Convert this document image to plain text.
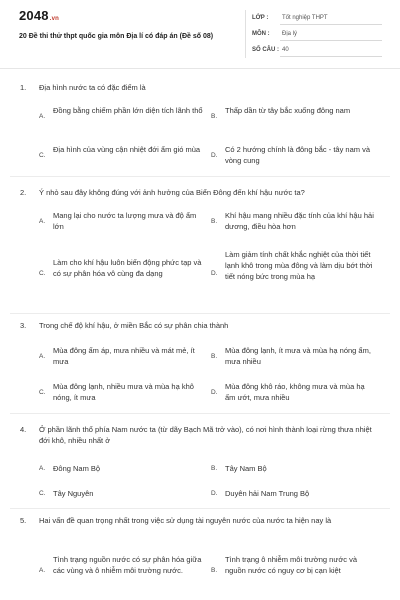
2048.vn
20 Đề thi thử thpt quốc gia môn Địa lí có đáp án (Đề số 08)
LỚP : Tốt nghiệp THPT
MÔN : Địa lý
SỐ CÂU : 40
1. Địa hình nước ta có đặc điểm là
A.
Đồng bằng chiếm phần lớn diện tích lãnh thổ
B.
Thấp dần từ tây bắc xuống đông nam
C.
Địa hình của vùng cận nhiệt đới ẩm gió mùa
D.
Có 2 hướng chính là đông bắc - tây nam và vòng cung
2. Ý nhỏ sau đây không đúng với ảnh hưởng của Biển Đông đến khí hậu nước ta?
A.
Mang lại cho nước ta lượng mưa và độ ẩm lớn
B.
Khí hậu mang nhiều đặc tính của khí hậu hải dương, điều hòa hơn
C.
Làm cho khí hậu luôn biến động phức tạp và có sự phân hóa vô cùng đa dạng	D.
Làm giảm tính chất khắc nghiệt của thời tiết lạnh khô trong mùa đông và làm dịu bớt thời tiết nóng bức trong mùa hạ
3. Trong chế độ khí hậu, ở miền Bắc có sự phân chia thành
A.
Mùa đông ấm áp, mưa nhiều và mát mẻ, ít mưa
B.
Mùa đông lạnh, ít mưa và mùa hạ nóng ẩm, mưa nhiều
C.
Mùa đông lạnh, nhiều mưa và mùa hạ khô nóng, ít mưa
D.
Mùa đông khô ráo, không mưa và mùa hạ ấm ướt, mưa nhiều
4. Ở phần lãnh thổ phía Nam nước ta (từ dãy Bạch Mã trở vào), có nơi hình thành loại rừng thưa nhiệt đới khô, nhiều nhất ở
A. Đông Nam Bộ	B. Tây Nam Bộ
C. Tây Nguyên	D. Duyên hải Nam Trung Bộ
5. Hai vấn đề quan trọng nhất trong việc sử dụng tài nguyên nước của nước ta hiện nay là
A.
Tình trạng nguồn nước có sự phân hóa giữa các vùng và ô nhiễm môi trường nước.	B.
Tình trạng ô nhiễm môi trường nước và nguồn nước có nguy cơ bị cạn kiệt
